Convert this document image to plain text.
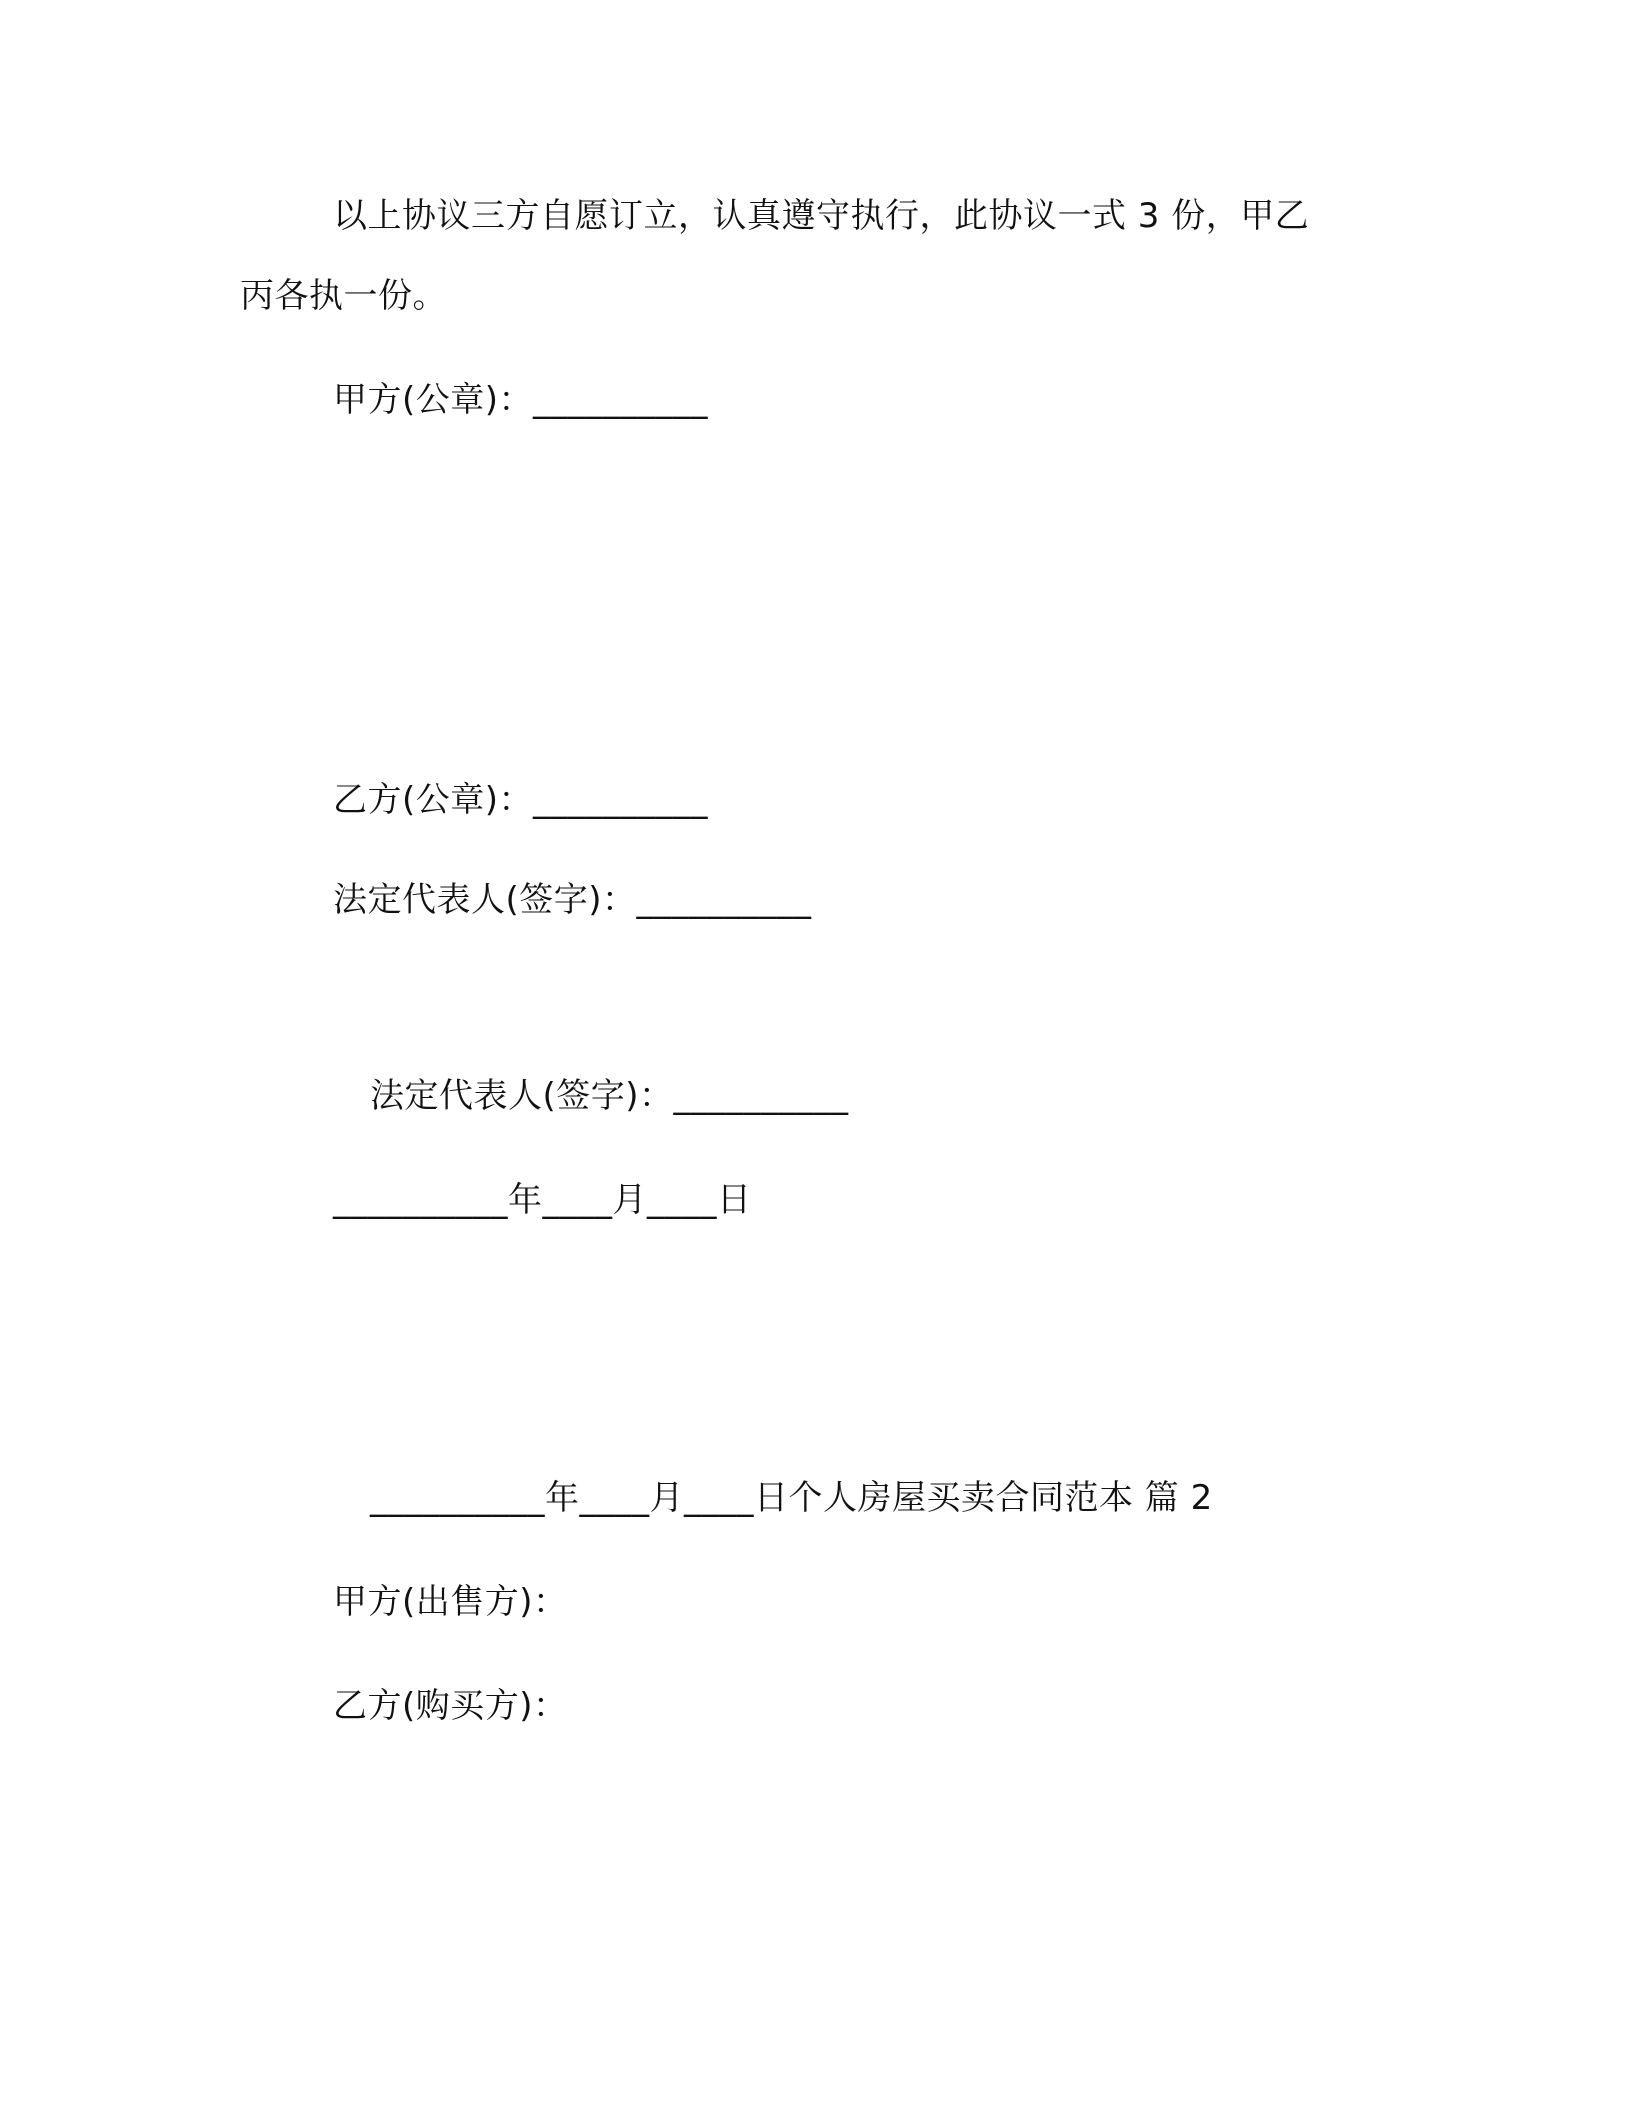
以上协议三方自愿订立，认真遵守执行，此协议一式 3 份，甲乙
丙各执一份。
甲方(公章)：__________
乙方(公章)：__________
法定代表人(签字)：__________
法定代表人(签字)：__________
__________年____月____日
__________年____月____日个人房屋买卖合同范本 篇 2
甲方(出售方)：
乙方(购买方)：
